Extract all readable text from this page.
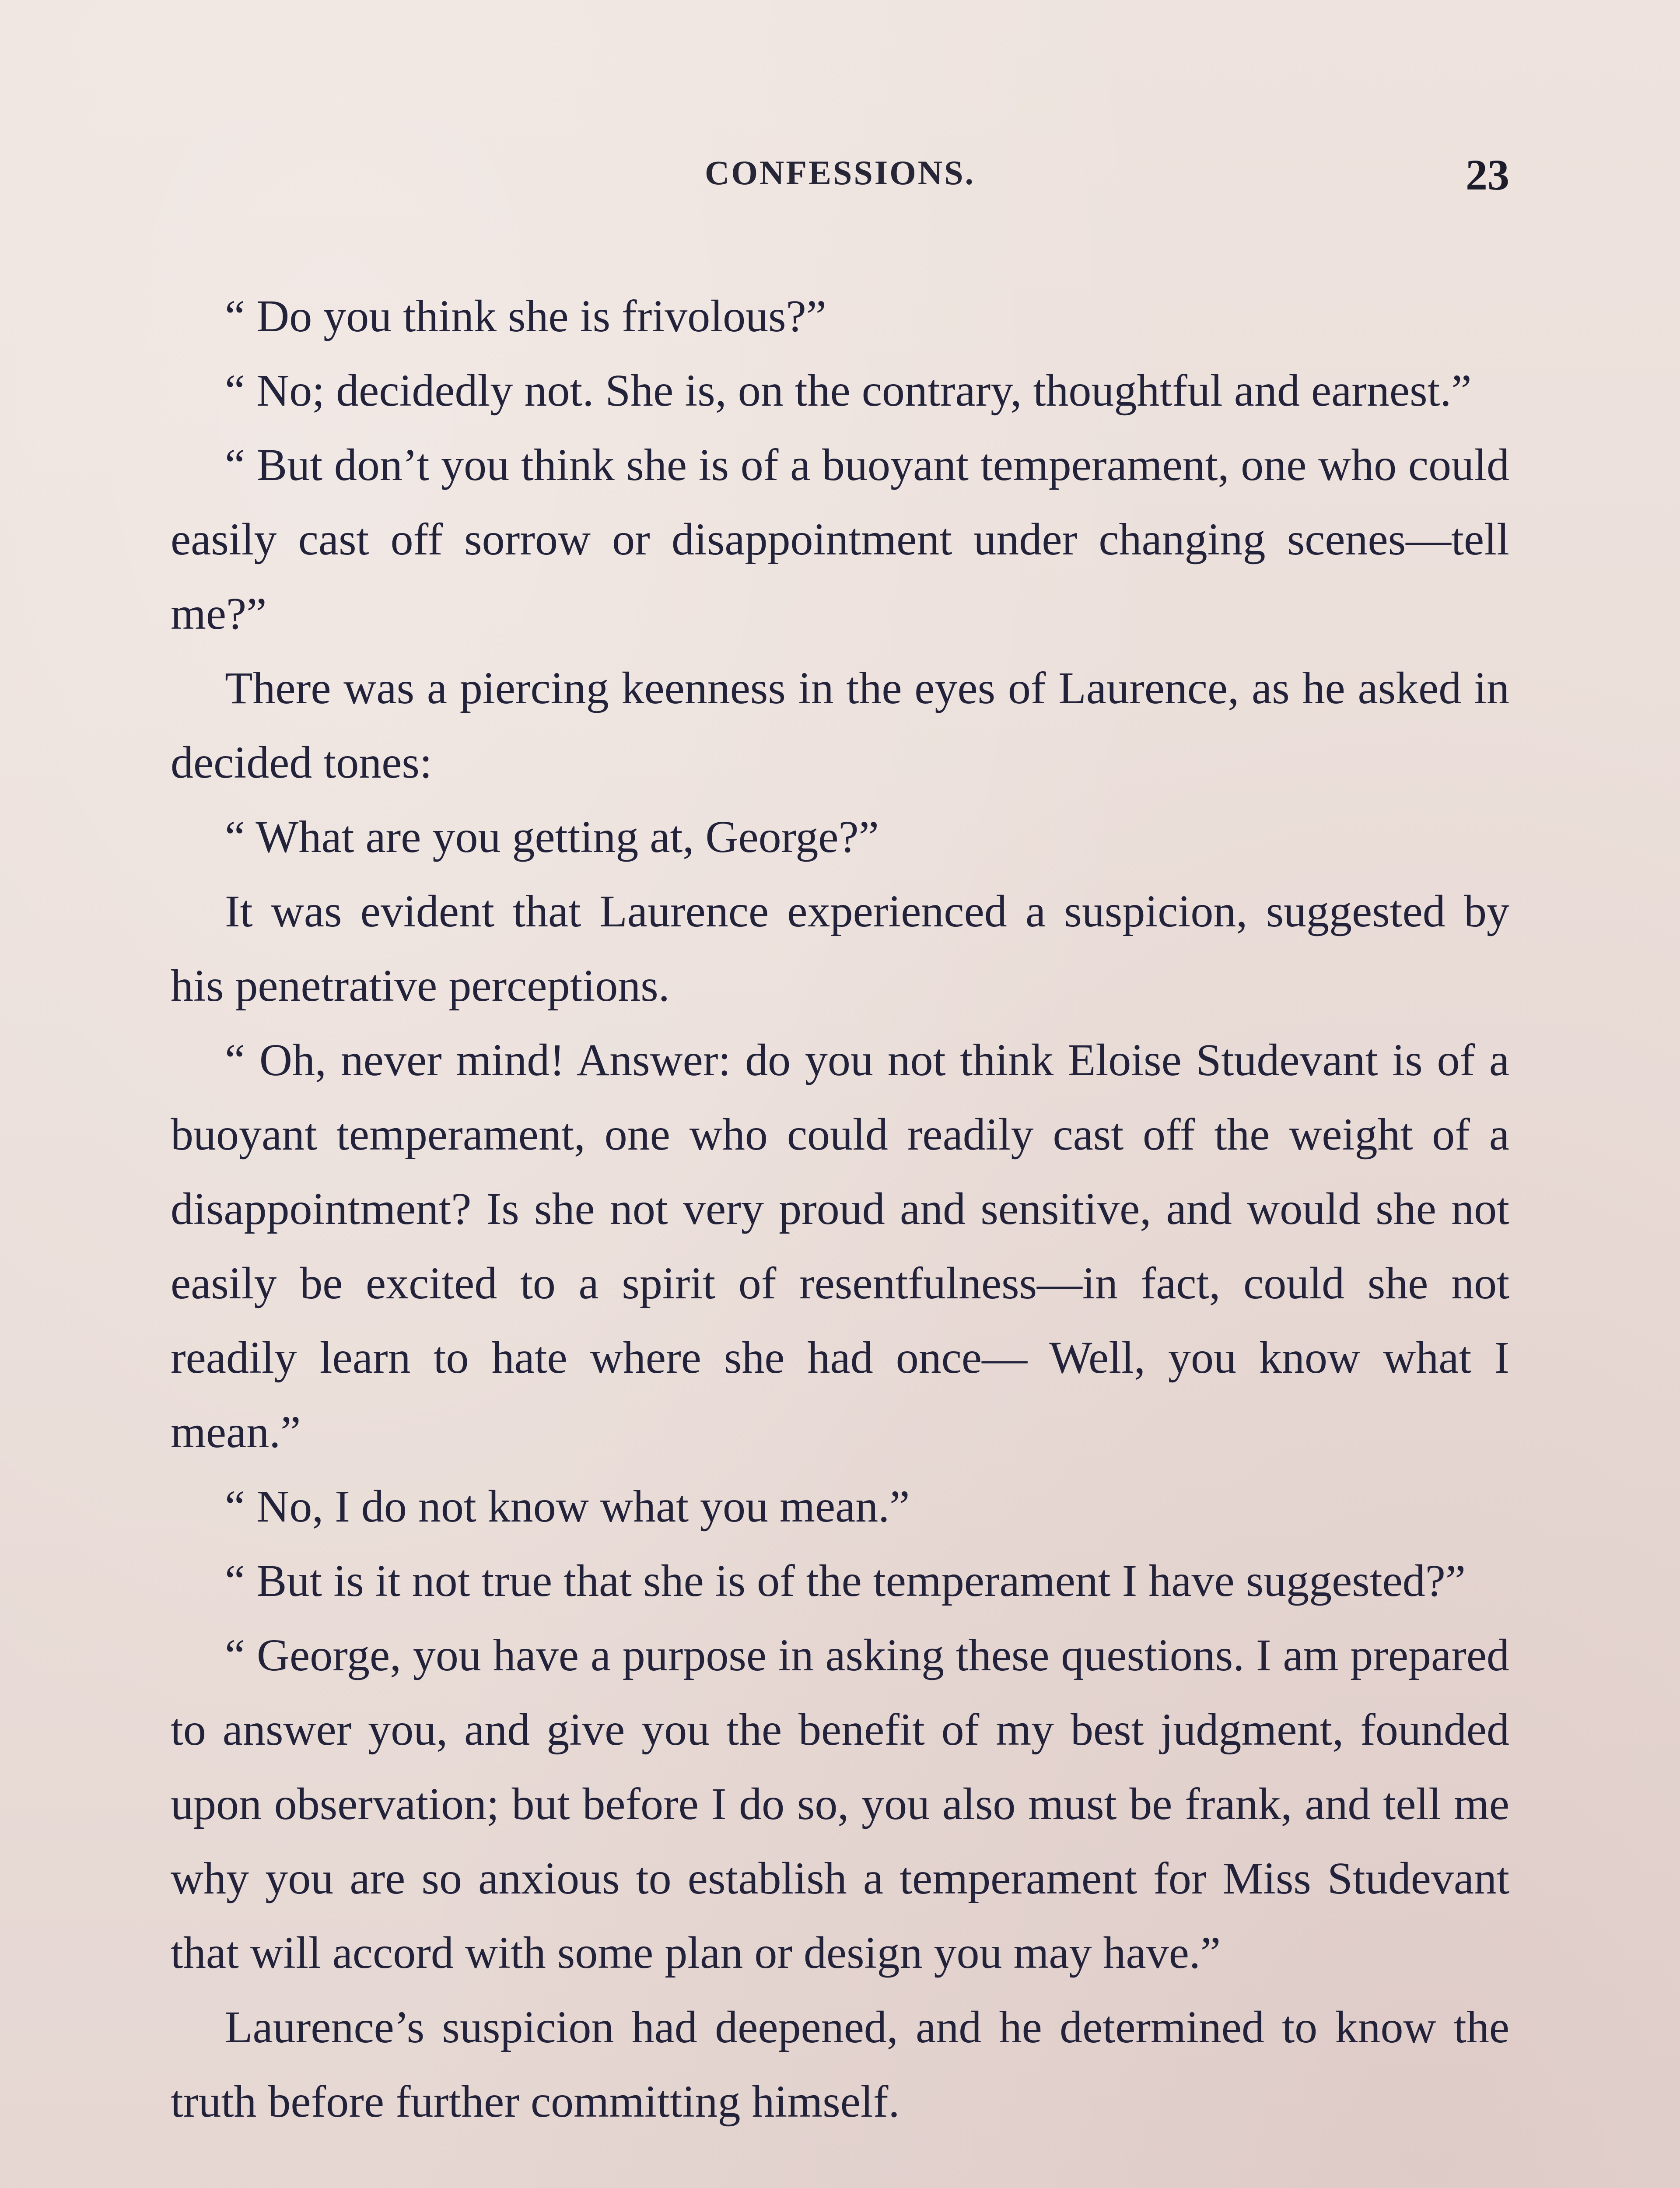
CONFESSIONS.	23

“ Do you think she is frivolous?”

“ No; decidedly not. She is, on the contrary, thoughtful and earnest.”

“ But don’t you think she is of a buoyant temperament, one who could easily cast off sorrow or disappointment under changing scenes—tell me?”

There was a piercing keenness in the eyes of Laurence, as he asked in decided tones:

“ What are you getting at, George?”

It was evident that Laurence experienced a suspicion, suggested by his penetrative perceptions.

“ Oh, never mind! Answer: do you not think Eloise Studevant is of a buoyant temperament, one who could readily cast off the weight of a disappointment? Is she not very proud and sensitive, and would she not easily be excited to a spirit of resentfulness—in fact, could she not readily learn to hate where she had once— Well, you know what I mean.”

“ No, I do not know what you mean.”

“ But is it not true that she is of the temperament I have suggested?”

“ George, you have a purpose in asking these questions. I am prepared to answer you, and give you the benefit of my best judgment, founded upon observation; but before I do so, you also must be frank, and tell me why you are so anxious to establish a temperament for Miss Studevant that will accord with some plan or design you may have.”

Laurence’s suspicion had deepened, and he determined to know the truth before further committing himself.
